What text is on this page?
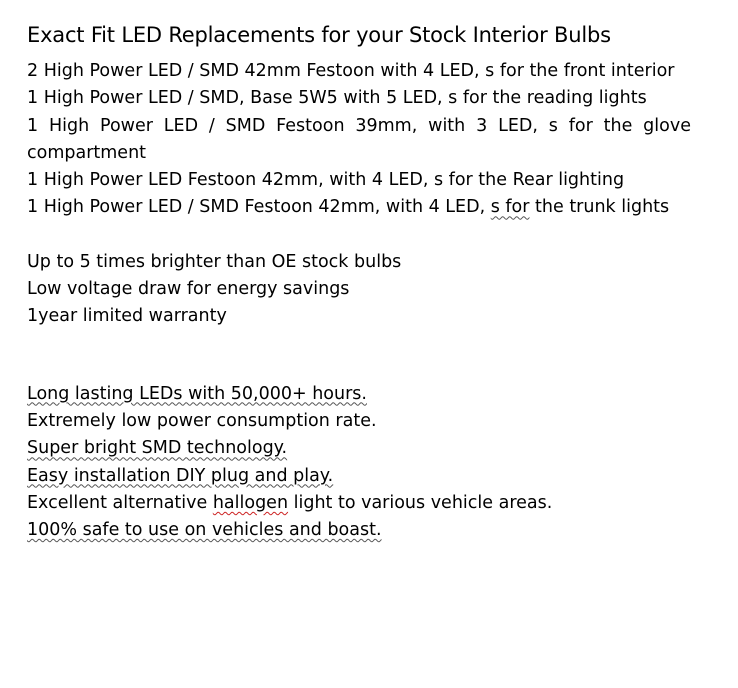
Exact Fit LED Replacements for your Stock Interior Bulbs

2 High Power LED / SMD 42mm Festoon with 4 LED, s for the front interior

1 High Power LED / SMD, Base 5W5 with 5 LED, s for the reading lights

1 High Power LED / SMD Festoon 39mm, with 3 LED, s for the glove compartment

1 High Power LED Festoon 42mm, with 4 LED, s for the Rear lighting

1 High Power LED / SMD Festoon 42mm, with 4 LED, s for the trunk lights

Up to 5 times brighter than OE stock bulbs

Low voltage draw for energy savings

1year limited warranty

Long lasting LEDs with 50,000+ hours.

Extremely low power consumption rate.

Super bright SMD technology.

Easy installation DIY plug and play.

Excellent alternative hallogen light to various vehicle areas.

100% safe to use on vehicles and boast.
